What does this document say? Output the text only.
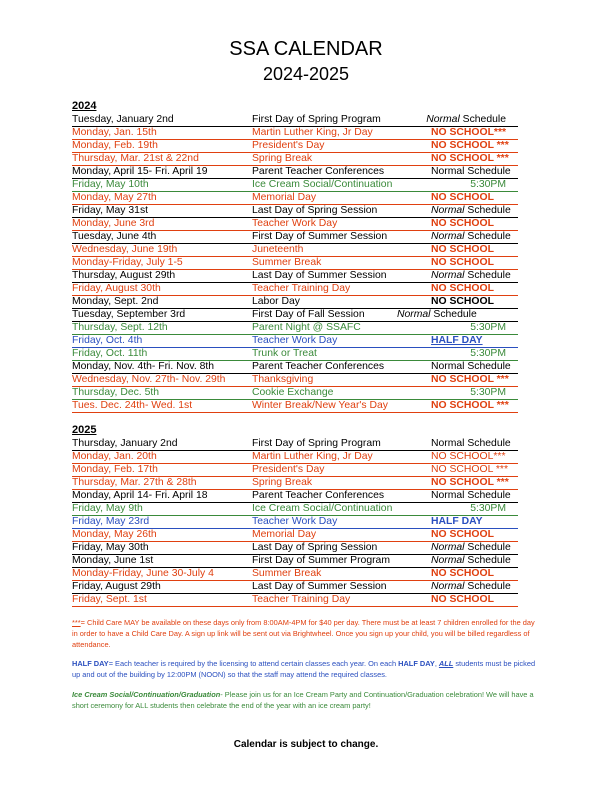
SSA CALENDAR
2024-2025
2024
Tuesday, January 2nd	First Day of Spring Program	Normal Schedule
Monday, Jan. 15th	Martin Luther King, Jr Day	NO SCHOOL***
Monday, Feb. 19th	President's Day	NO SCHOOL ***
Thursday, Mar. 21st & 22nd	Spring Break	NO SCHOOL ***
Monday, April 15- Fri. April 19	Parent Teacher Conferences	Normal Schedule
Friday, May 10th	Ice Cream Social/Continuation	5:30PM
Monday, May 27th	Memorial Day	NO SCHOOL
Friday, May 31st	Last Day of Spring Session	Normal Schedule
Monday, June 3rd	Teacher Work Day	NO SCHOOL
Tuesday, June 4th	First Day of Summer Session	Normal Schedule
Wednesday, June 19th	Juneteenth	NO SCHOOL
Monday-Friday, July 1-5	Summer Break	NO SCHOOL
Thursday, August 29th	Last Day of Summer Session	Normal Schedule
Friday, August 30th	Teacher Training Day	NO SCHOOL
Monday, Sept. 2nd	Labor Day	NO SCHOOL
Tuesday, September 3rd	First Day of Fall Session	Normal Schedule
Thursday, Sept. 12th	Parent Night @ SSAFC	5:30PM
Friday, Oct. 4th	Teacher Work Day	HALF DAY
Friday, Oct. 11th	Trunk or Treat	5:30PM
Monday, Nov. 4th- Fri. Nov. 8th	Parent Teacher Conferences	Normal Schedule
Wednesday, Nov. 27th- Nov. 29th	Thanksgiving	NO SCHOOL ***
Thursday, Dec. 5th	Cookie Exchange	5:30PM
Tues. Dec. 24th- Wed. 1st	Winter Break/New Year's Day	NO SCHOOL ***
2025
Thursday, January 2nd	First Day of Spring Program	Normal Schedule
Monday, Jan. 20th	Martin Luther King, Jr Day	NO SCHOOL***
Monday, Feb. 17th	President's Day	NO SCHOOL ***
Thursday, Mar. 27th & 28th	Spring Break	NO SCHOOL ***
Monday, April 14- Fri. April 18	Parent Teacher Conferences	Normal Schedule
Friday, May 9th	Ice Cream Social/Continuation	5:30PM
Friday, May 23rd	Teacher Work Day	HALF DAY
Monday, May 26th	Memorial Day	NO SCHOOL
Friday, May 30th	Last Day of Spring Session	Normal Schedule
Monday, June 1st	First Day of Summer Program	Normal Schedule
Monday-Friday, June 30-July 4	Summer Break	NO SCHOOL
Friday, August 29th	Last Day of Summer Session	Normal Schedule
Friday, Sept. 1st	Teacher Training Day	NO SCHOOL
***= Child Care MAY be available on these days only from 8:00AM-4PM for $40 per day. There must be at least 7 children enrolled for the day in order to have a Child Care Day. A sign up link will be sent out via Brightwheel. Once you sign up your child, you will be billed regardless of attendance.
HALF DAY= Each teacher is required by the licensing to attend certain classes each year. On each HALF DAY, ALL students must be picked up and out of the building by 12:00PM (NOON) so that the staff may attend the required classes.
Ice Cream Social/Continuation/Graduation- Please join us for an Ice Cream Party and Continuation/Graduation celebration! We will have a short ceremony for ALL students then celebrate the end of the year with an ice cream party!
Calendar is subject to change.
